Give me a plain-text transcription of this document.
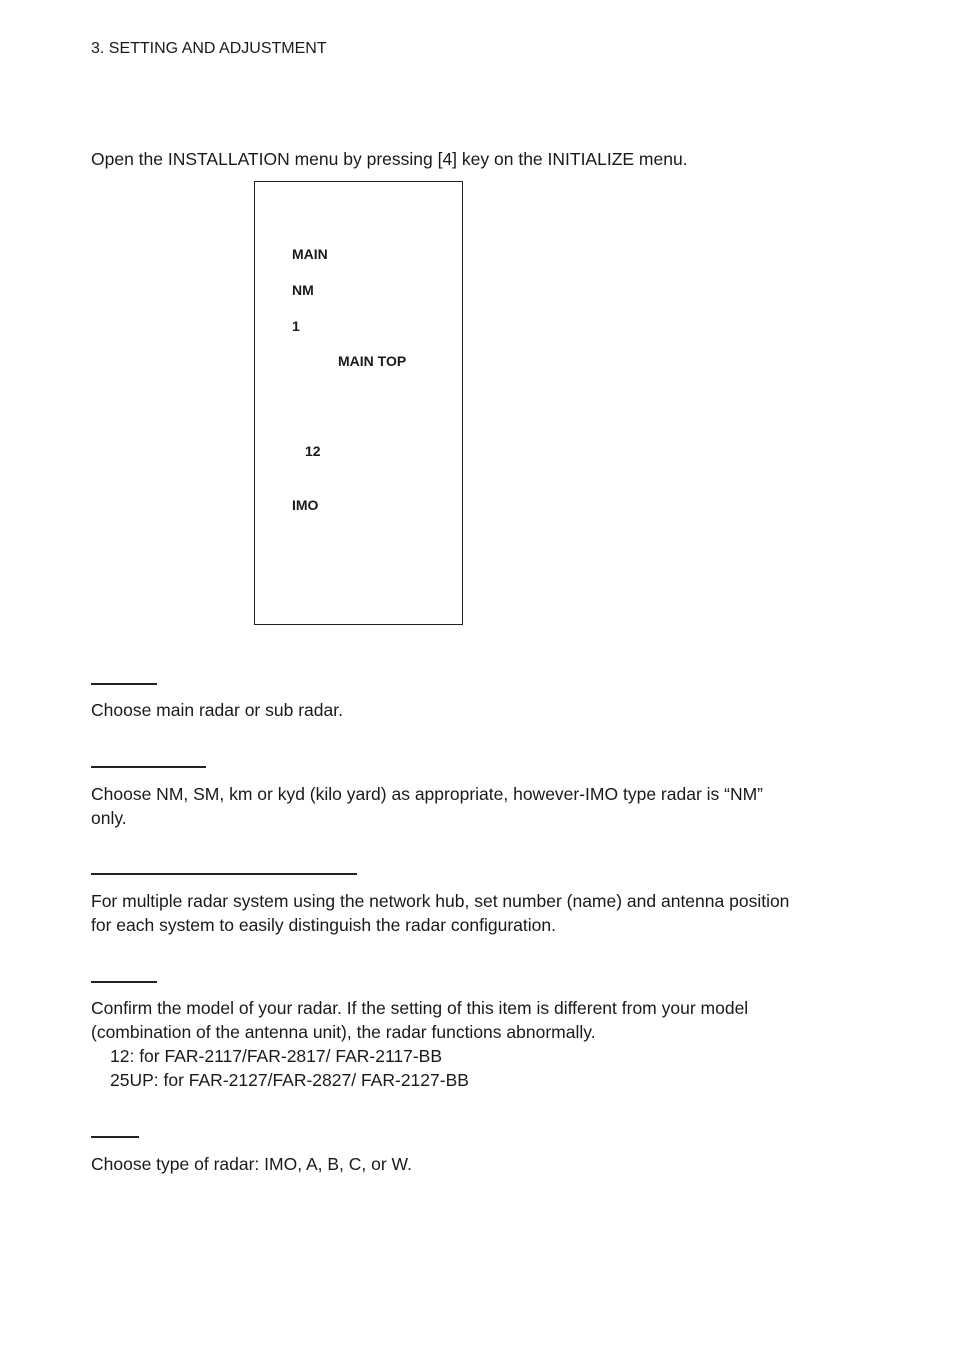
3. SETTING AND ADJUSTMENT
Open the INSTALLATION menu by pressing [4] key on the INITIALIZE menu.
MAIN
NM
1
MAIN TOP
12
IMO
Choose main radar or sub radar.
Choose NM, SM, km or kyd (kilo yard) as appropriate, however-IMO type radar is “NM”
only.
For multiple radar system using the network hub, set number (name) and antenna position
for each system to easily distinguish the radar configuration.
Confirm the model of your radar. If the setting of this item is different from your model
(combination of the antenna unit), the radar functions abnormally.
12: for FAR-2117/FAR-2817/ FAR-2117-BB
25UP: for FAR-2127/FAR-2827/ FAR-2127-BB
Choose type of radar: IMO, A, B, C, or W.
